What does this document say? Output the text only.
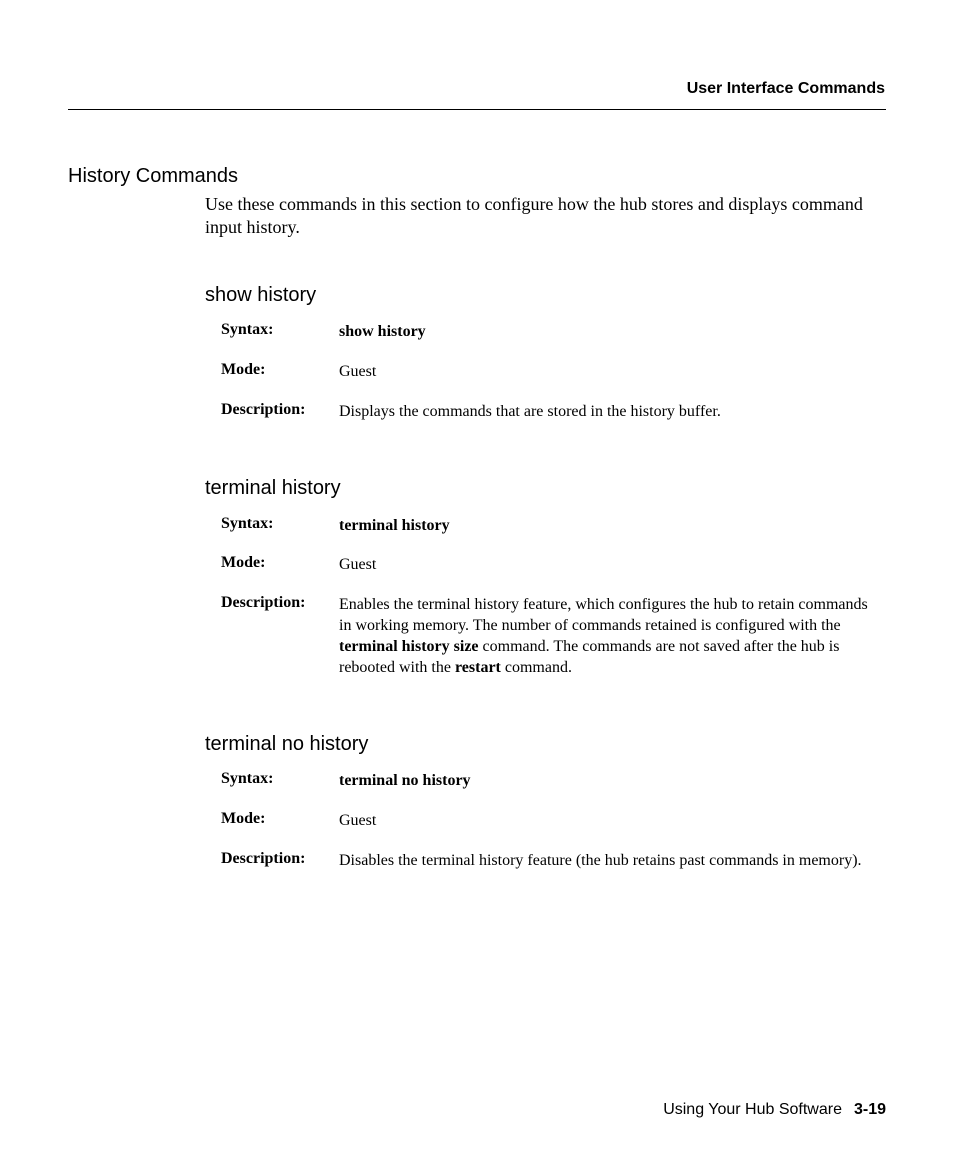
User Interface Commands
History Commands
Use these commands in this section to configure how the hub stores and displays command input history.
show history
Syntax:	show history
Mode:	Guest
Description: Displays the commands that are stored in the history buffer.
terminal history
Syntax:	terminal history
Mode:	Guest
Description: Enables the terminal history feature, which configures the hub to retain commands in working memory. The number of commands retained is configured with the terminal history size command. The commands are not saved after the hub is rebooted with the restart command.
terminal no history
Syntax:	terminal no history
Mode:	Guest
Description: Disables the terminal history feature (the hub retains past commands in memory).
Using Your Hub Software 3-19
